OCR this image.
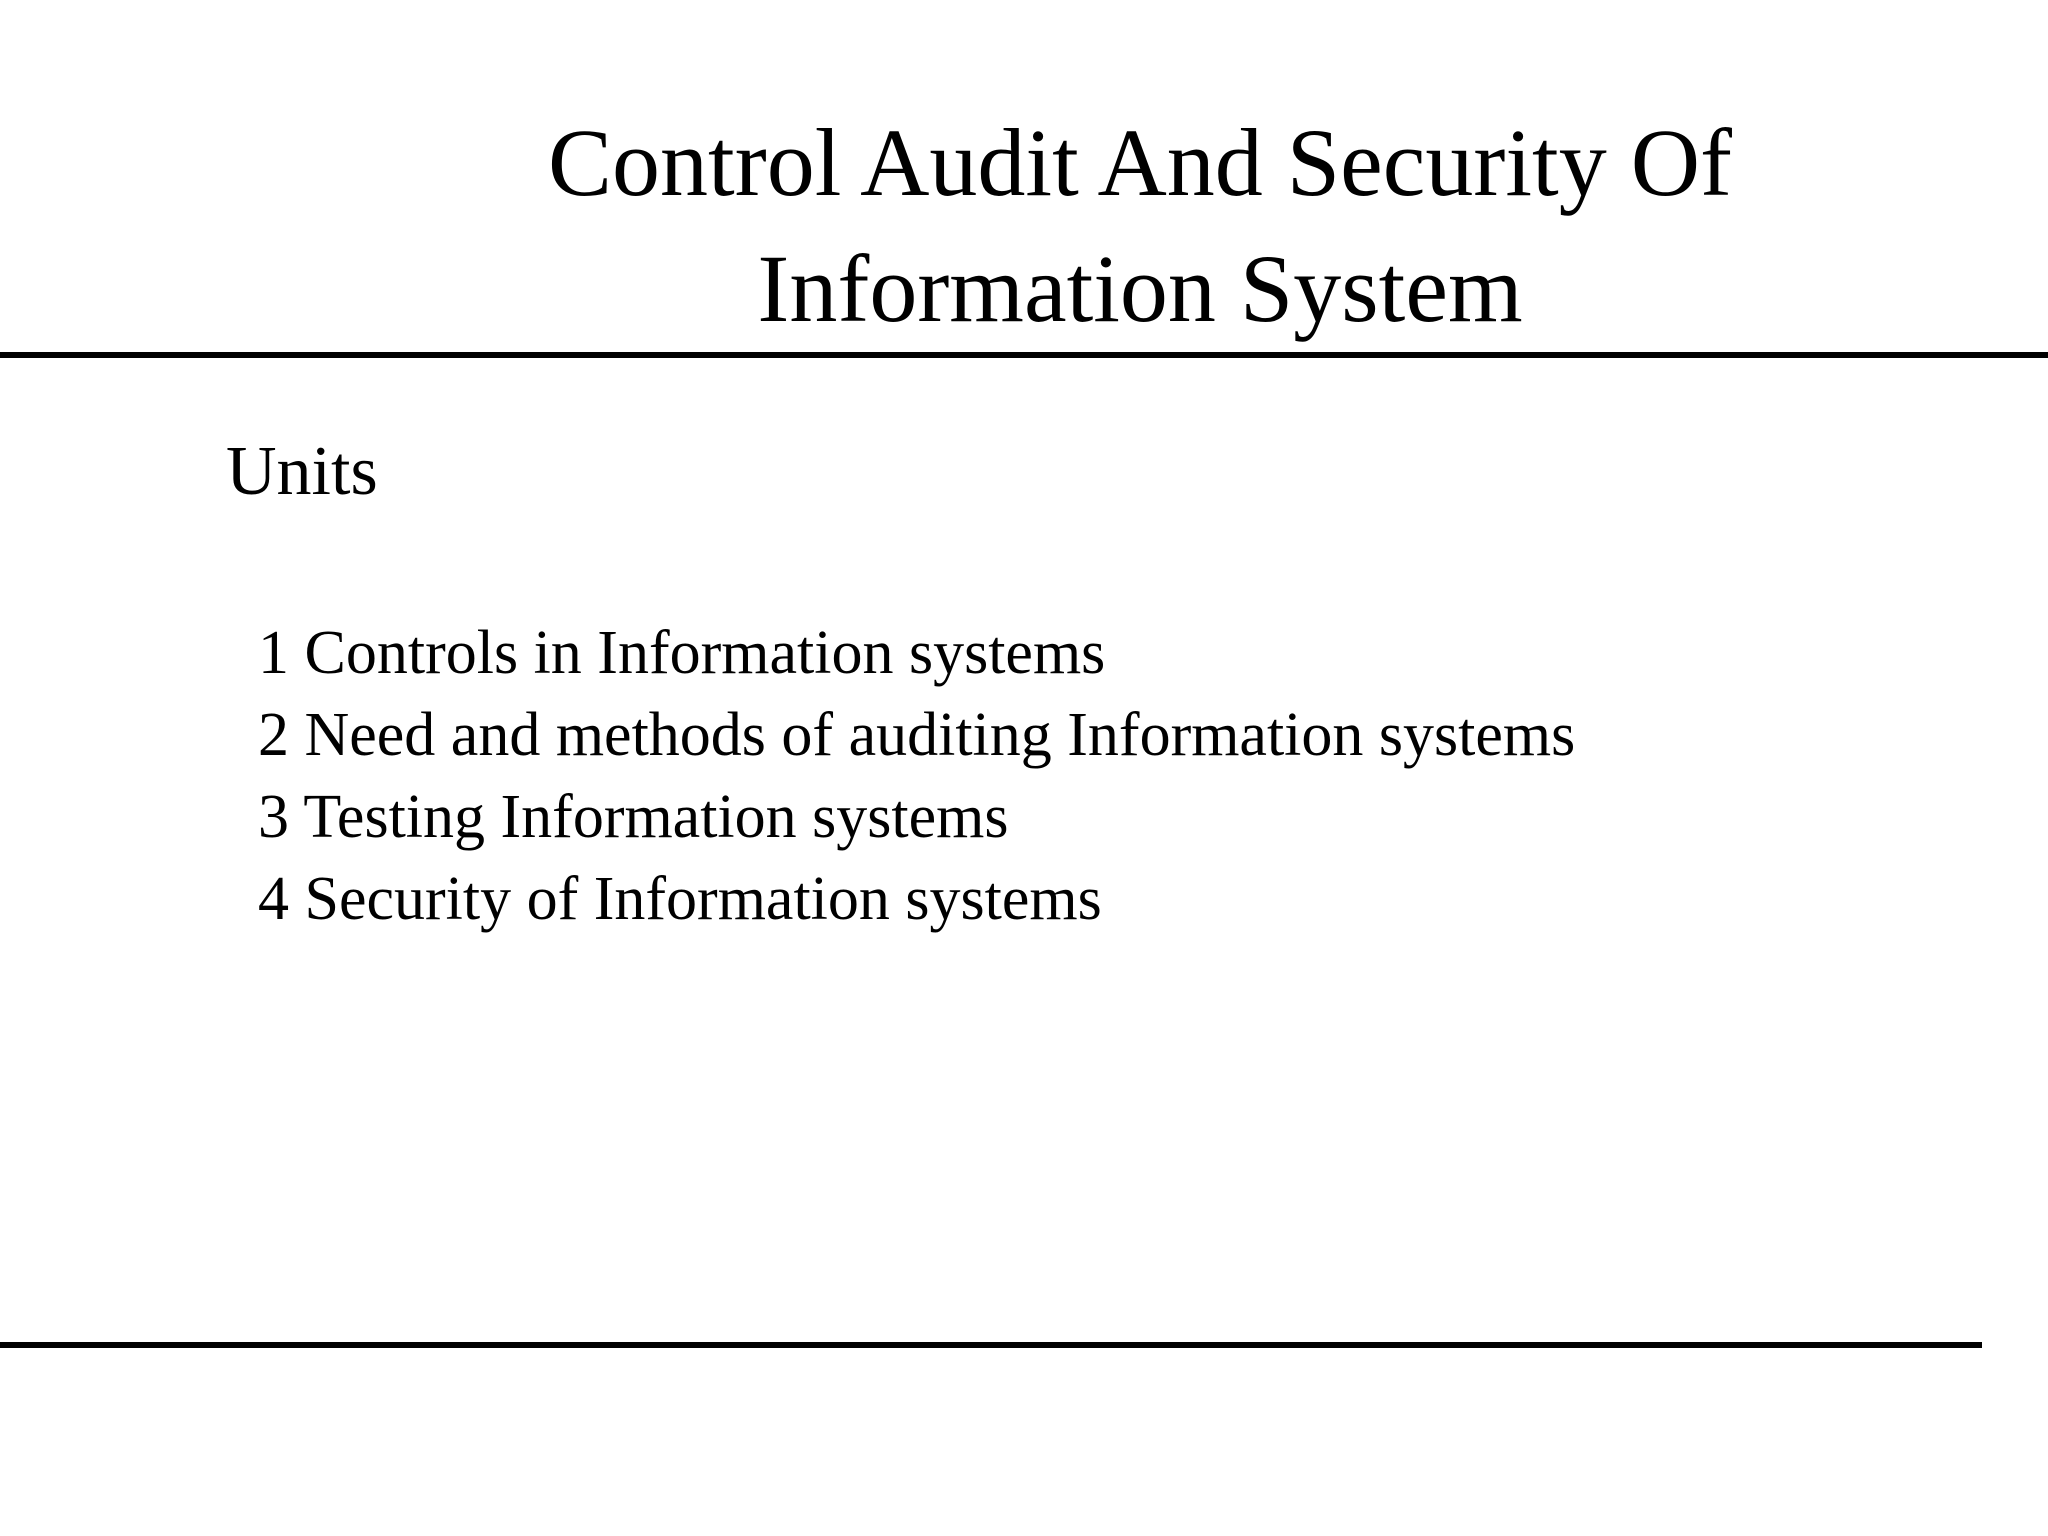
Control Audit And Security Of
Information System
Units
1 Controls in Information systems
2 Need and methods of auditing Information systems
3 Testing Information systems
4 Security of Information systems
